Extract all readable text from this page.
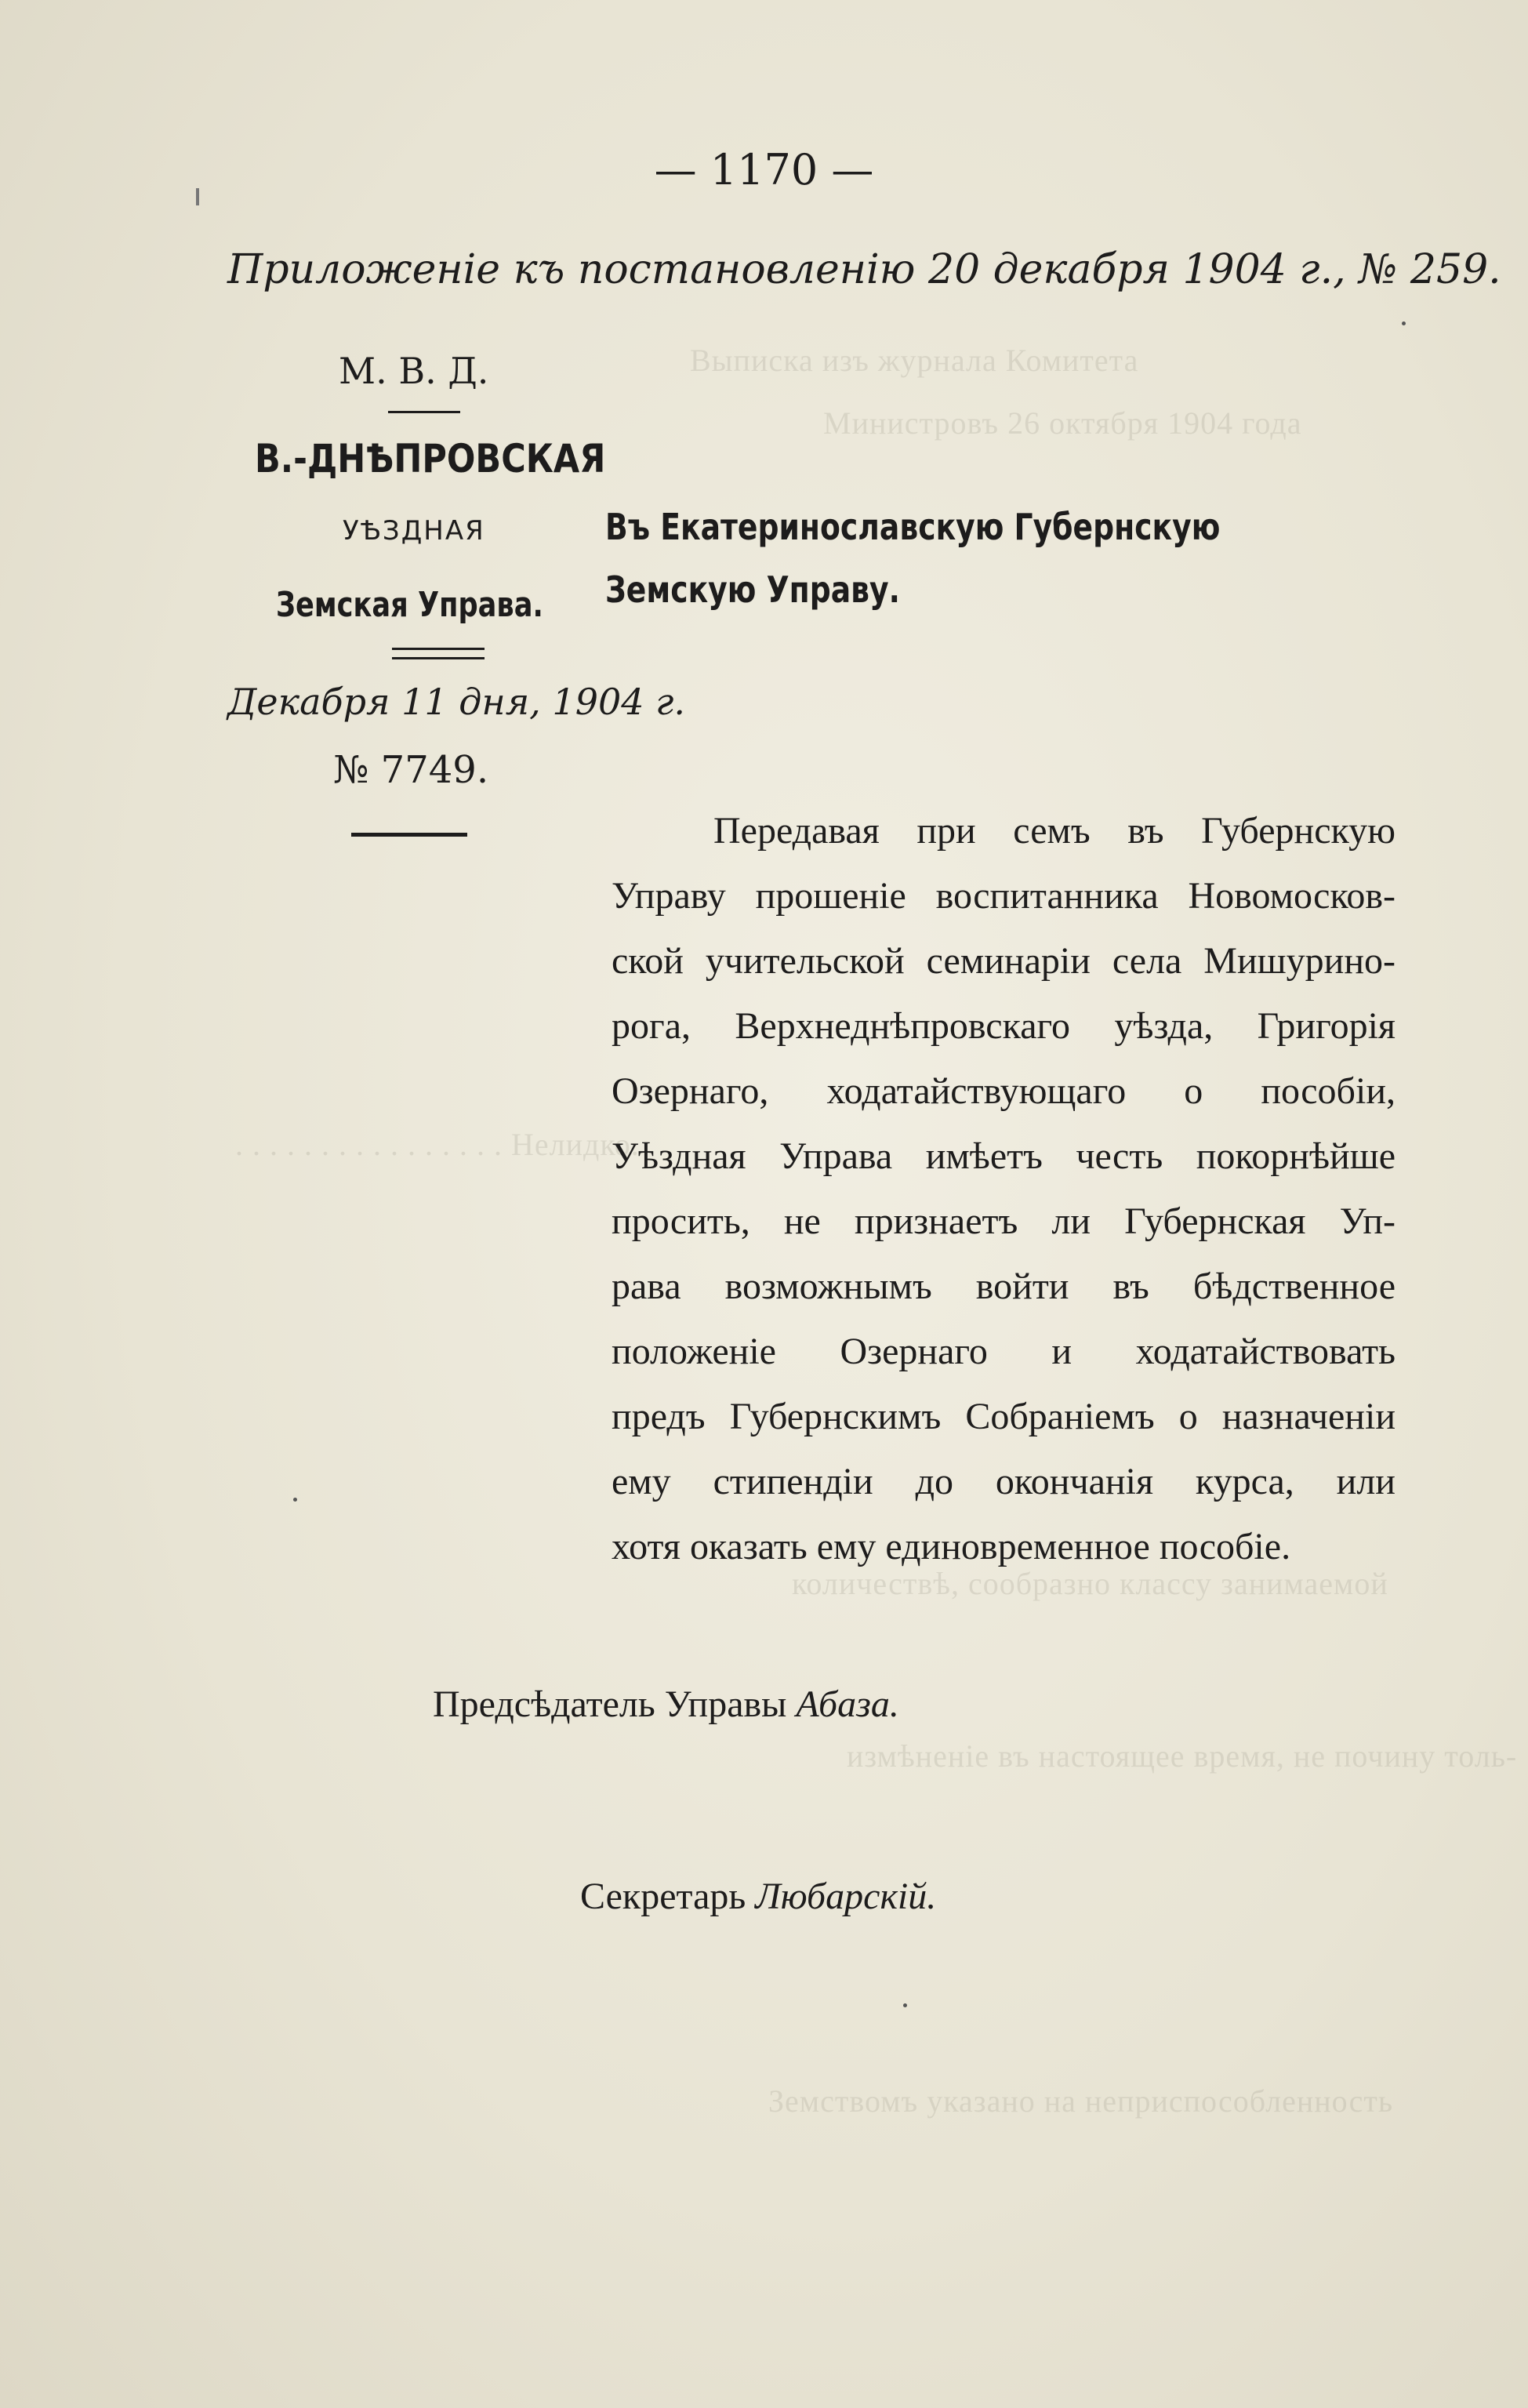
Выписка изъ журнала Комитета
Министровъ 26 октября 1904 года
. . . . . . . . . . . . . . . . Нелидко.
количествѣ, сообразно классу занимаемой
измѣненіе въ настоящее время, не почину толь-
Земствомъ указано на неприспособленность
— 1170 —
Приложеніе къ постановленію 20 декабря 1904 г., № 259.
М. В. Д.
В.-ДНѢПРОВСКАЯ
УѢЗДНАЯ
Земская Управа.
Декабря 11 дня, 1904 г.
№ 7749.
Въ Екатеринославскую Губернскую
Земскую Управу.
Передавая при семъ въ Губернскую
Управу прошеніе воспитанника Новомосков-
ской учительской семинаріи села Мишурино-
рога, Верхнеднѣпровскаго уѣзда, Григорія
Озернаго, ходатайствующаго о пособіи,
Уѣздная Управа имѣетъ честь покорнѣйше
просить, не признаетъ ли Губернская Уп-
рава возможнымъ войти въ бѣдственное
положеніе Озернаго и ходатайствовать
предъ Губернскимъ Собраніемъ о назначеніи
ему стипендіи до окончанія курса, или
хотя оказать ему единовременное пособіе.
Предсѣдатель Управы Абаза.
Секретарь Любарскій.
